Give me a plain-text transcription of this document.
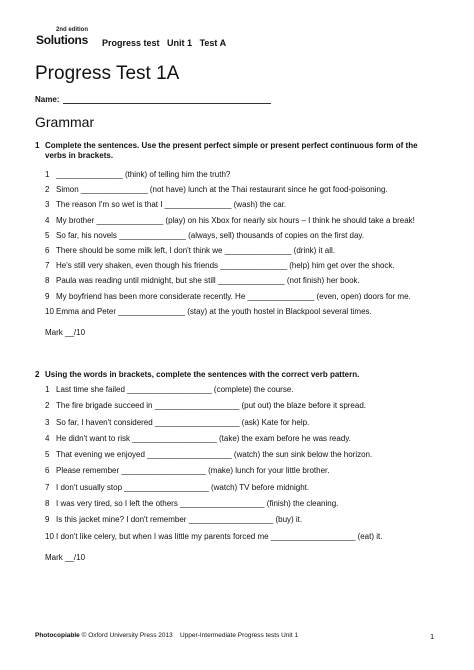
2nd edition
Solutions Progress test Unit 1 Test A
Progress Test 1A
Name:
Grammar
1 Complete the sentences. Use the present perfect simple or present perfect continuous form of the verbs in brackets.
1 _______________ (think) of telling him the truth?
2 Simon _______________ (not have) lunch at the Thai restaurant since he got food-poisoning.
3 The reason I'm so wet is that I _______________ (wash) the car.
4 My brother _______________ (play) on his Xbox for nearly six hours – I think he should take a break!
5 So far, his novels _______________ (always, sell) thousands of copies on the first day.
6 There should be some milk left, I don't think we _______________ (drink) it all.
7 He's still very shaken, even though his friends _______________ (help) him get over the shock.
8 Paula was reading until midnight, but she still _______________ (not finish) her book.
9 My boyfriend has been more considerate recently. He _______________ (even, open) doors for me.
10 Emma and Peter _______________ (stay) at the youth hostel in Blackpool several times.
Mark __/10
2 Using the words in brackets, complete the sentences with the correct verb pattern.
1 Last time she failed ___________________ (complete) the course.
2 The fire brigade succeed in ___________________ (put out) the blaze before it spread.
3 So far, I haven't considered ___________________ (ask) Kate for help.
4 He didn't want to risk ___________________ (take) the exam before he was ready.
5 That evening we enjoyed ___________________ (watch) the sun sink below the horizon.
6 Please remember ___________________ (make) lunch for your little brother.
7 I don't usually stop ___________________ (watch) TV before midnight.
8 I was very tired, so I left the others ___________________ (finish) the cleaning.
9 Is this jacket mine? I don't remember ___________________ (buy) it.
10 I don't like celery, but when I was little my parents forced me ___________________ (eat) it.
Mark __/10
Photocopiable © Oxford University Press 2013 Upper-Intermediate Progress tests Unit 1	1
